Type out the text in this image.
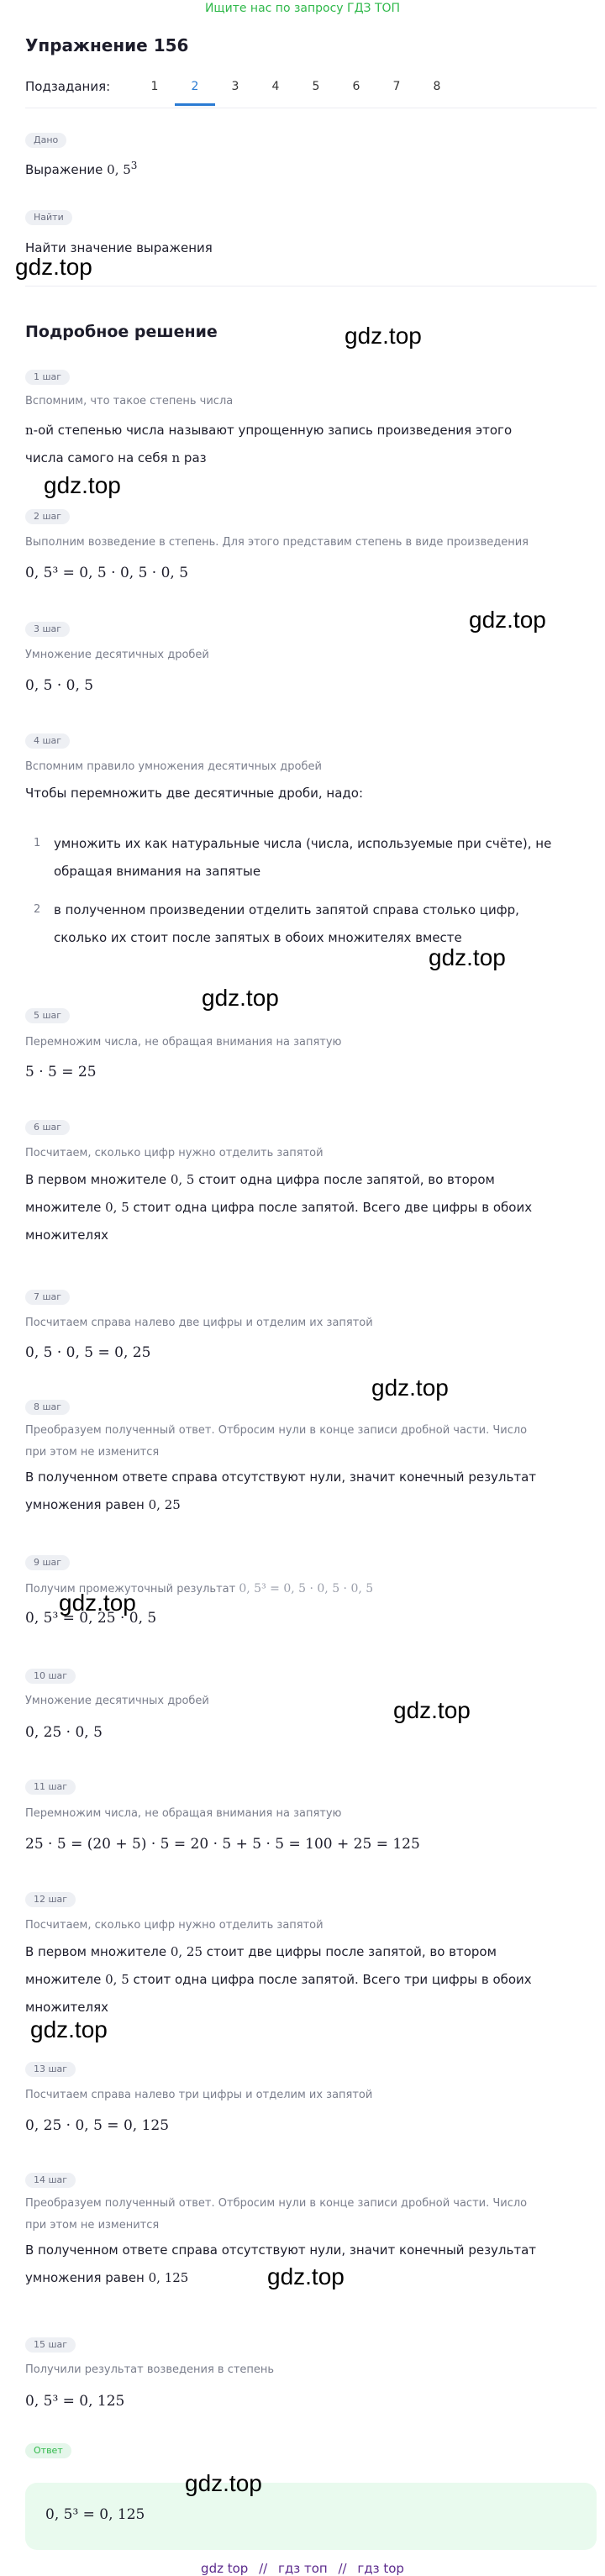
Ищите нас по запросу ГДЗ ТОП
Упражнение 156
Подзадания:	1	2	3	4	5	6	7	8
Дано
Выражение 0, $5^3$
Найти
Найти значение выражения
Подробное решение
1 шаг
Вспомним, что такое степень числа
n-ой степенью числа называют упрощенную запись произведения этого
числа самого на себя n раз
2 шаг
Выполним возведение в степень. Для этого представим степень в виде произведения
0, 5³ = 0, 5 · 0, 5 · 0, 5
3 шаг
Умножение десятичных дробей
0, 5 · 0, 5
4 шаг
Вспомним правило умножения десятичных дробей
Чтобы перемножить две десятичные дроби, надо:
1 умножить их как натуральные числа (числа, используемые при счёте), не
обращая внимания на запятые
2 в полученном произведении отделить запятой справа столько цифр,
сколько их стоит после запятых в обоих множителях вместе
5 шаг
Перемножим числа, не обращая внимания на запятую
5 · 5 = 25
6 шаг
Посчитаем, сколько цифр нужно отделить запятой
В первом множителе 0, 5 стоит одна цифра после запятой, во втором
множителе 0, 5 стоит одна цифра после запятой. Всего две цифры в обоих
множителях
7 шаг
Посчитаем справа налево две цифры и отделим их запятой
0, 5 · 0, 5 = 0, 25
8 шаг
Преобразуем полученный ответ. Отбросим нули в конце записи дробной части. Число
при этом не изменится
В полученном ответе справа отсутствуют нули, значит конечный результат
умножения равен 0, 25
9 шаг
Получим промежуточный результат 0, 5³ = 0, 5 · 0, 5 · 0, 5
0, 5³ = 0, 25 · 0, 5
10 шаг
Умножение десятичных дробей
0, 25 · 0, 5
11 шаг
Перемножим числа, не обращая внимания на запятую
25 · 5 = (20 + 5) · 5 = 20 · 5 + 5 · 5 = 100 + 25 = 125
12 шаг
Посчитаем, сколько цифр нужно отделить запятой
В первом множителе 0, 25 стоит две цифры после запятой, во втором
множителе 0, 5 стоит одна цифра после запятой. Всего три цифры в обоих
множителях
13 шаг
Посчитаем справа налево три цифры и отделим их запятой
0, 25 · 0, 5 = 0, 125
14 шаг
Преобразуем полученный ответ. Отбросим нули в конце записи дробной части. Число
при этом не изменится
В полученном ответе справа отсутствуют нули, значит конечный результат
умножения равен 0, 125
15 шаг
Получили результат возведения в степень
0, 5³ = 0, 125
Ответ
0, 5³ = 0, 125
gdz.top
gdz.top
gdz.top
gdz.top
gdz.top
gdz.top
gdz.top
gdz.top
gdz.top
gdz.top
gdz.top
gdz.top
gdz top // гдз топ // гдз top
